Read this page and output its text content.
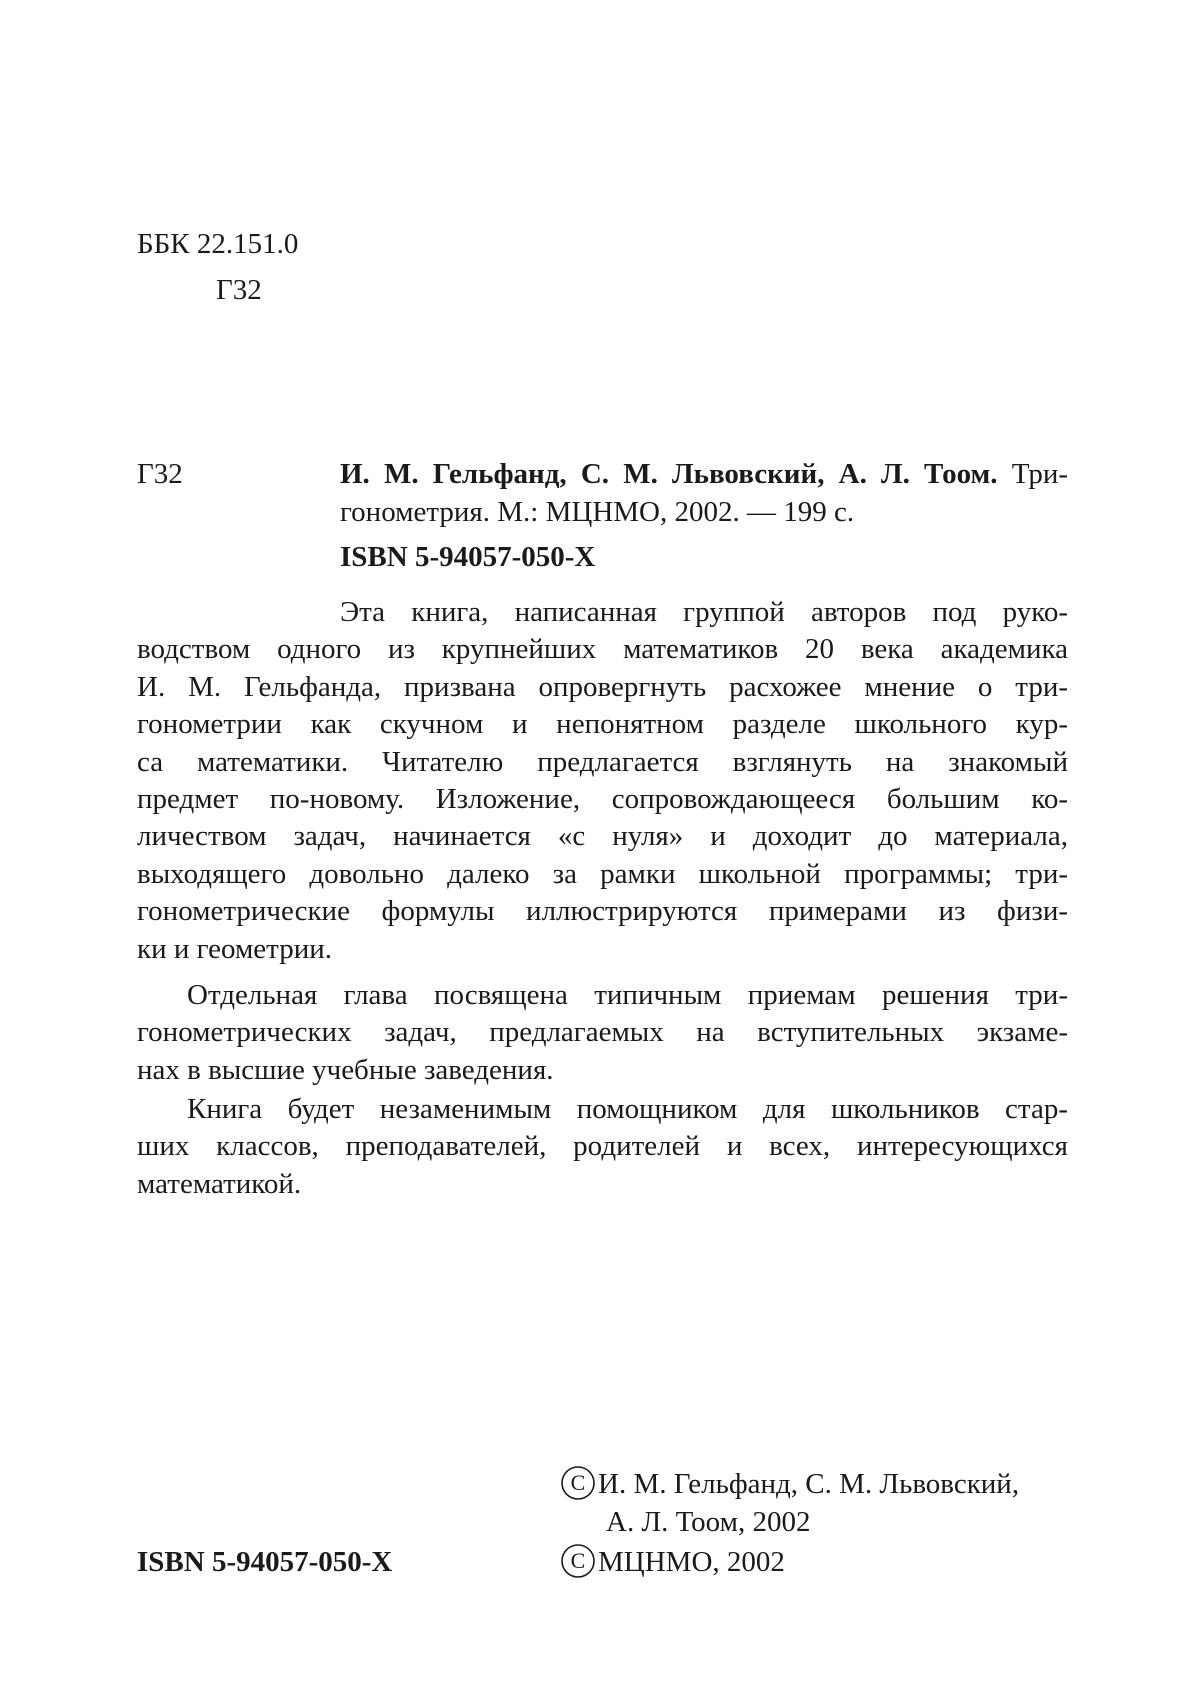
ББК 22.151.0
Г32
Г32	И. М. Гельфанд, С. М. Львовский, А. Л. Тоом. Три-
гонометрия. М.: МЦНМО, 2002. — 199 с.
ISBN 5-94057-050-X
Эта книга, написанная группой авторов под руко-
водством одного из крупнейших математиков 20 века академика
И. М. Гельфанда, призвана опровергнуть расхожее мнение о три-
гонометрии как скучном и непонятном разделе школьного кур-
са математики. Читателю предлагается взглянуть на знакомый
предмет по-новому. Изложение, сопровождающееся большим ко-
личеством задач, начинается «с нуля» и доходит до материала,
выходящего довольно далеко за рамки школьной программы; три-
гонометрические формулы иллюстрируются примерами из физи-
ки и геометрии.
Отдельная глава посвящена типичным приемам решения три-
гонометрических задач, предлагаемых на вступительных экзаме-
нах в высшие учебные заведения.
Книга будет незаменимым помощником для школьников стар-
ших классов, преподавателей, родителей и всех, интересующихся
математикой.
C И. М. Гельфанд, С. М. Львовский,
А. Л. Тоом, 2002
ISBN 5-94057-050-X	C МЦНМО, 2002
